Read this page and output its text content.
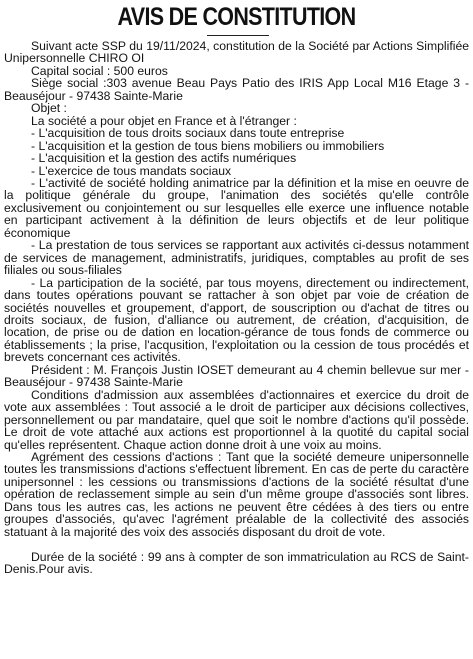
AVIS DE CONSTITUTION

Suivant acte SSP du 19/11/2024, constitution de la Société par Actions Simplifiée Unipersonnelle CHIRO OI

Capital social : 500 euros

Siège social :303 avenue Beau Pays Patio des IRIS App Local M16 Etage 3 - Beauséjour - 97438 Sainte-Marie

Objet :

La société a pour objet en France et à l'étranger :

- L'acquisition de tous droits sociaux dans toute entreprise

- L'acquisition et la gestion de tous biens mobiliers ou immobiliers

- L'acquisition et la gestion des actifs numériques

- L'exercice de tous mandats sociaux

- L'activité de société holding animatrice par la définition et la mise en oeuvre de la politique générale du groupe, l'animation des sociétés qu'elle contrôle exclusivement ou conjointement ou sur lesquelles elle exerce une influence notable en participant activement à la définition de leurs objectifs et de leur politique économique

- La prestation de tous services se rapportant aux activités ci-dessus notamment de services de management, administratifs, juridiques, comptables au profit de ses filiales ou sous-filiales

- La participation de la société, par tous moyens, directement ou indirectement, dans toutes opérations pouvant se rattacher à son objet par voie de création de sociétés nouvelles et groupement, d'apport, de souscription ou d'achat de titres ou droits sociaux, de fusion, d'alliance ou autrement, de création, d'acquisition, de location, de prise ou de dation en location-gérance de tous fonds de commerce ou établissements ; la prise, l'acqusition, l'exploitation ou la cession de tous procédés et brevets concernant ces activités.

Président : M. François Justin IOSET demeurant au 4 chemin bellevue sur mer - Beauséjour - 97438 Sainte-Marie

Conditions d'admission aux assemblées d'actionnaires et exercice du droit de vote aux assemblées : Tout associé a le droit de participer aux décisions collectives, personnellement ou par mandataire, quel que soit le nombre d'actions qu'il possède. Le droit de vote attaché aux actions est proportionnel à la quotité du capital social qu'elles représentent. Chaque action donne droit à une voix au moins.

Agrément des cessions d'actions : Tant que la société demeure unipersonnelle toutes les transmissions d'actions s'effectuent librement. En cas de perte du caractère unipersonnel : les cessions ou transmissions d'actions de la société résultat d'une opération de reclassement simple au sein d'un même groupe d'associés sont libres. Dans tous les autres cas, les actions ne peuvent être cédées à des tiers ou entre groupes d'associés, qu'avec l'agrément préalable de la collectivité des associés statuant à la majorité des voix des associés disposant du droit de vote.

Durée de la société : 99 ans à compter de son immatriculation au RCS de Saint-Denis.Pour avis.
